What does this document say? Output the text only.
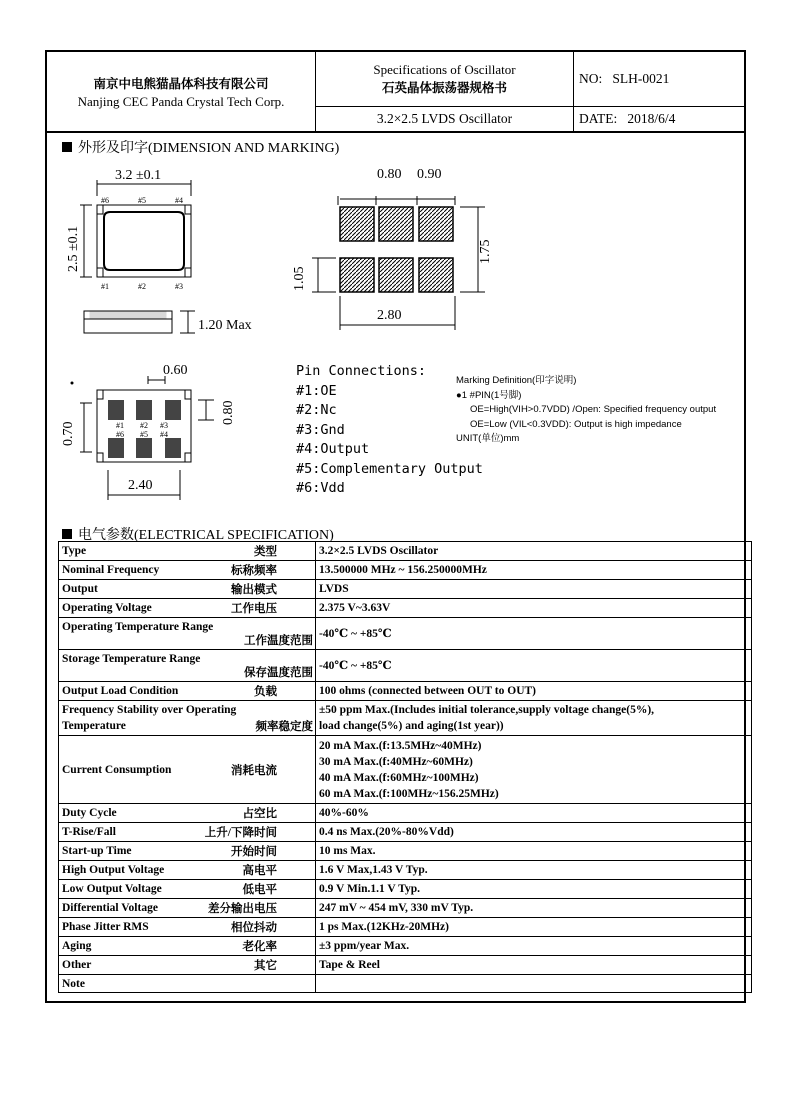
南京中电熊猫晶体科技有限公司
Nanjing CEC Panda Crystal Tech Corp.
Specifications of Oscillator
石英晶体振荡器规格书
3.2×2.5 LVDS Oscillator
NO: SLH-0021
DATE: 2018/6/4
外形及印字(DIMENSION AND MARKING)
3.2 ±0.1
2.5 ±0.1
#6	#5	#4
#1	#2	#3
1.20 Max
0.80 0.90
1.75
1.05
2.80
0.60
0.80
0.70
2.40
#1 #2 #3
#6 #5 #4
Pin Connections:
#1:OE
#2:Nc
#3:Gnd
#4:Output
#5:Complementary Output
#6:Vdd
Marking Definition(印字说明)
●1 #PIN(1号脚)
OE=High(VIH>0.7VDD) /Open: Specified frequency output
OE=Low (VIL<0.3VDD): Output is high impedance
UNIT(单位)mm
电气参数(ELECTRICAL SPECIFICATION)
Type 类型	3.2×2.5 LVDS Oscillator

Nominal Frequency 标称频率	13.500000 MHz ~ 156.250000MHz

Output 输出模式	LVDS

Operating Voltage 工作电压	2.375 V~3.63V

Operating Temperature Range
工作温度范围	-40℃ ~ +85℃

Storage Temperature Range
保存温度范围	-40℃ ~ +85℃

Output Load Condition 负载	100 ohms (connected between OUT to OUT)

Frequency Stability over Operating Temperature 频率稳定度	±50 ppm Max.(Includes initial tolerance,supply voltage change(5%),
load change(5%) and aging(1st year))

Current Consumption 消耗电流	20 mA Max.(f:13.5MHz~40MHz)
30 mA Max.(f:40MHz~60MHz)
40 mA Max.(f:60MHz~100MHz)
60 mA Max.(f:100MHz~156.25MHz)

Duty Cycle 占空比	40%-60%

T-Rise/Fall 上升/下降时间	0.4 ns Max.(20%-80%Vdd)

Start-up Time 开始时间	10 ms Max.

High Output Voltage 高电平	1.6 V Max,1.43 V Typ.

Low Output Voltage 低电平	0.9 V Min.1.1 V Typ.

Differential Voltage 差分输出电压	247 mV ~ 454 mV, 330 mV Typ.

Phase Jitter RMS 相位抖动	1 ps Max.(12KHz-20MHz)

Aging 老化率	±3 ppm/year Max.

Other 其它	Tape & Reel

Note
